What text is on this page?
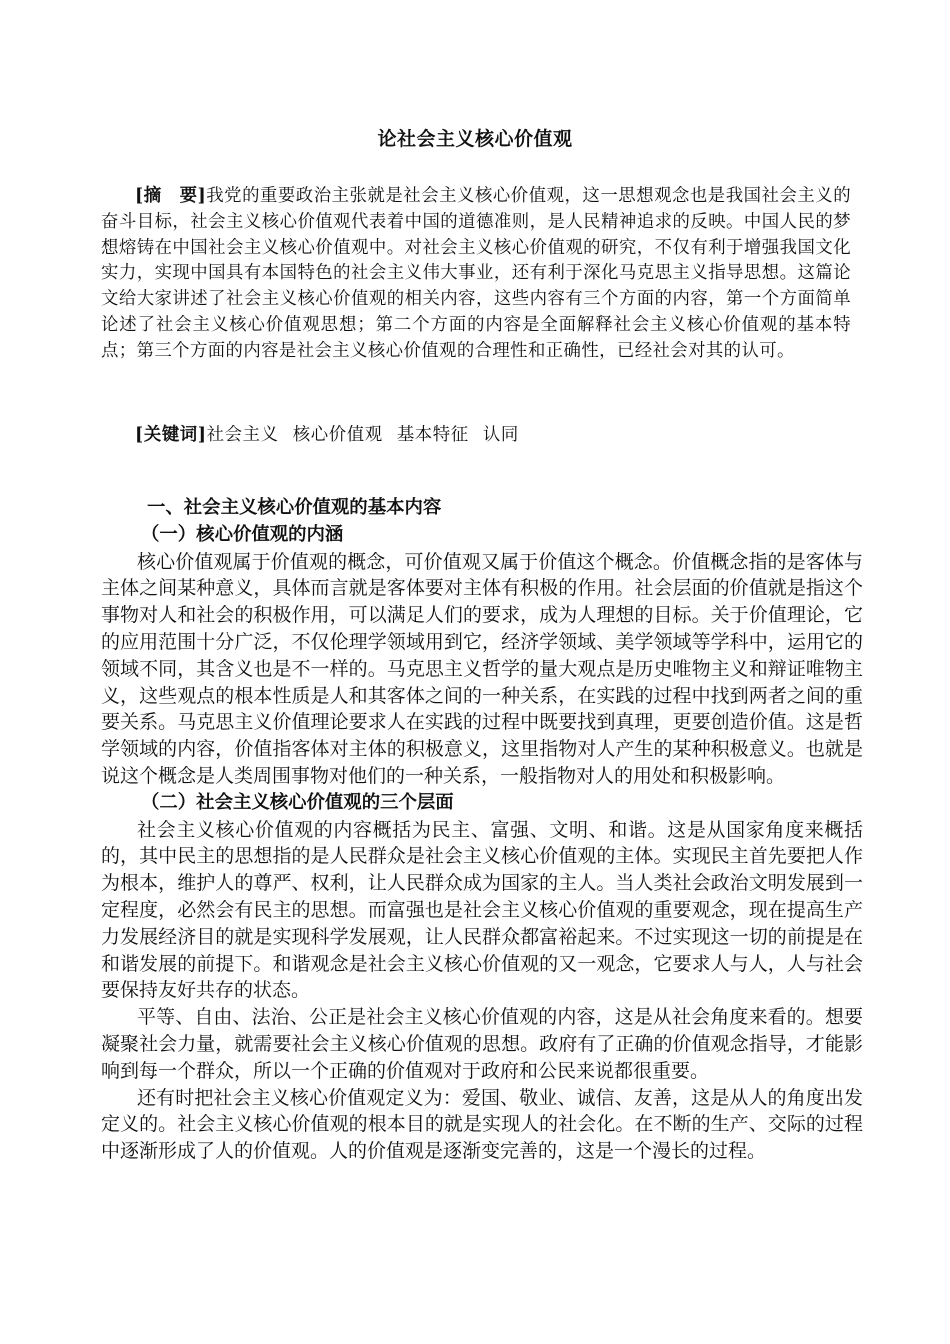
论社会主义核心价值观
[摘　要]我党的重要政治主张就是社会主义核心价值观，这一思想观念也是我国社会主义的奋斗目标，社会主义核心价值观代表着中国的道德准则，是人民精神追求的反映。中国人民的梦想熔铸在中国社会主义核心价值观中。对社会主义核心价值观的研究，不仅有利于增强我国文化实力，实现中国具有本国特色的社会主义伟大事业，还有利于深化马克思主义指导思想。这篇论文给大家讲述了社会主义核心价值观的相关内容，这些内容有三个方面的内容，第一个方面简单论述了社会主义核心价值观思想；第二个方面的内容是全面解释社会主义核心价值观的基本特点；第三个方面的内容是社会主义核心价值观的合理性和正确性，已经社会对其的认可。
[关键词]社会主义 核心价值观 基本特征 认同

一、社会主义核心价值观的基本内容

（一）核心价值观的内涵

核心价值观属于价值观的概念，可价值观又属于价值这个概念。价值概念指的是客体与主体之间某种意义，具体而言就是客体要对主体有积极的作用。社会层面的价值就是指这个事物对人和社会的积极作用，可以满足人们的要求，成为人理想的目标。关于价值理论，它的应用范围十分广泛，不仅伦理学领域用到它，经济学领域、美学领域等学科中，运用它的领域不同，其含义也是不一样的。马克思主义哲学的量大观点是历史唯物主义和辩证唯物主义，这些观点的根本性质是人和其客体之间的一种关系，在实践的过程中找到两者之间的重要关系。马克思主义价值理论要求人在实践的过程中既要找到真理，更要创造价值。这是哲学领域的内容，价值指客体对主体的积极意义，这里指物对人产生的某种积极意义。也就是说这个概念是人类周围事物对他们的一种关系，一般指物对人的用处和积极影响。

（二）社会主义核心价值观的三个层面

社会主义核心价值观的内容概括为民主、富强、文明、和谐。这是从国家角度来概括的，其中民主的思想指的是人民群众是社会主义核心价值观的主体。实现民主首先要把人作为根本，维护人的尊严、权利，让人民群众成为国家的主人。当人类社会政治文明发展到一定程度，必然会有民主的思想。而富强也是社会主义核心价值观的重要观念，现在提高生产力发展经济目的就是实现科学发展观，让人民群众都富裕起来。不过实现这一切的前提是在和谐发展的前提下。和谐观念是社会主义核心价值观的又一观念，它要求人与人，人与社会要保持友好共存的状态。

平等、自由、法治、公正是社会主义核心价值观的内容，这是从社会角度来看的。想要凝聚社会力量，就需要社会主义核心价值观的思想。政府有了正确的价值观念指导，才能影响到每一个群众，所以一个正确的价值观对于政府和公民来说都很重要。

还有时把社会主义核心价值观定义为：爱国、敬业、诚信、友善，这是从人的角度出发定义的。社会主义核心价值观的根本目的就是实现人的社会化。在不断的生产、交际的过程中逐渐形成了人的价值观。人的价值观是逐渐变完善的，这是一个漫长的过程。
